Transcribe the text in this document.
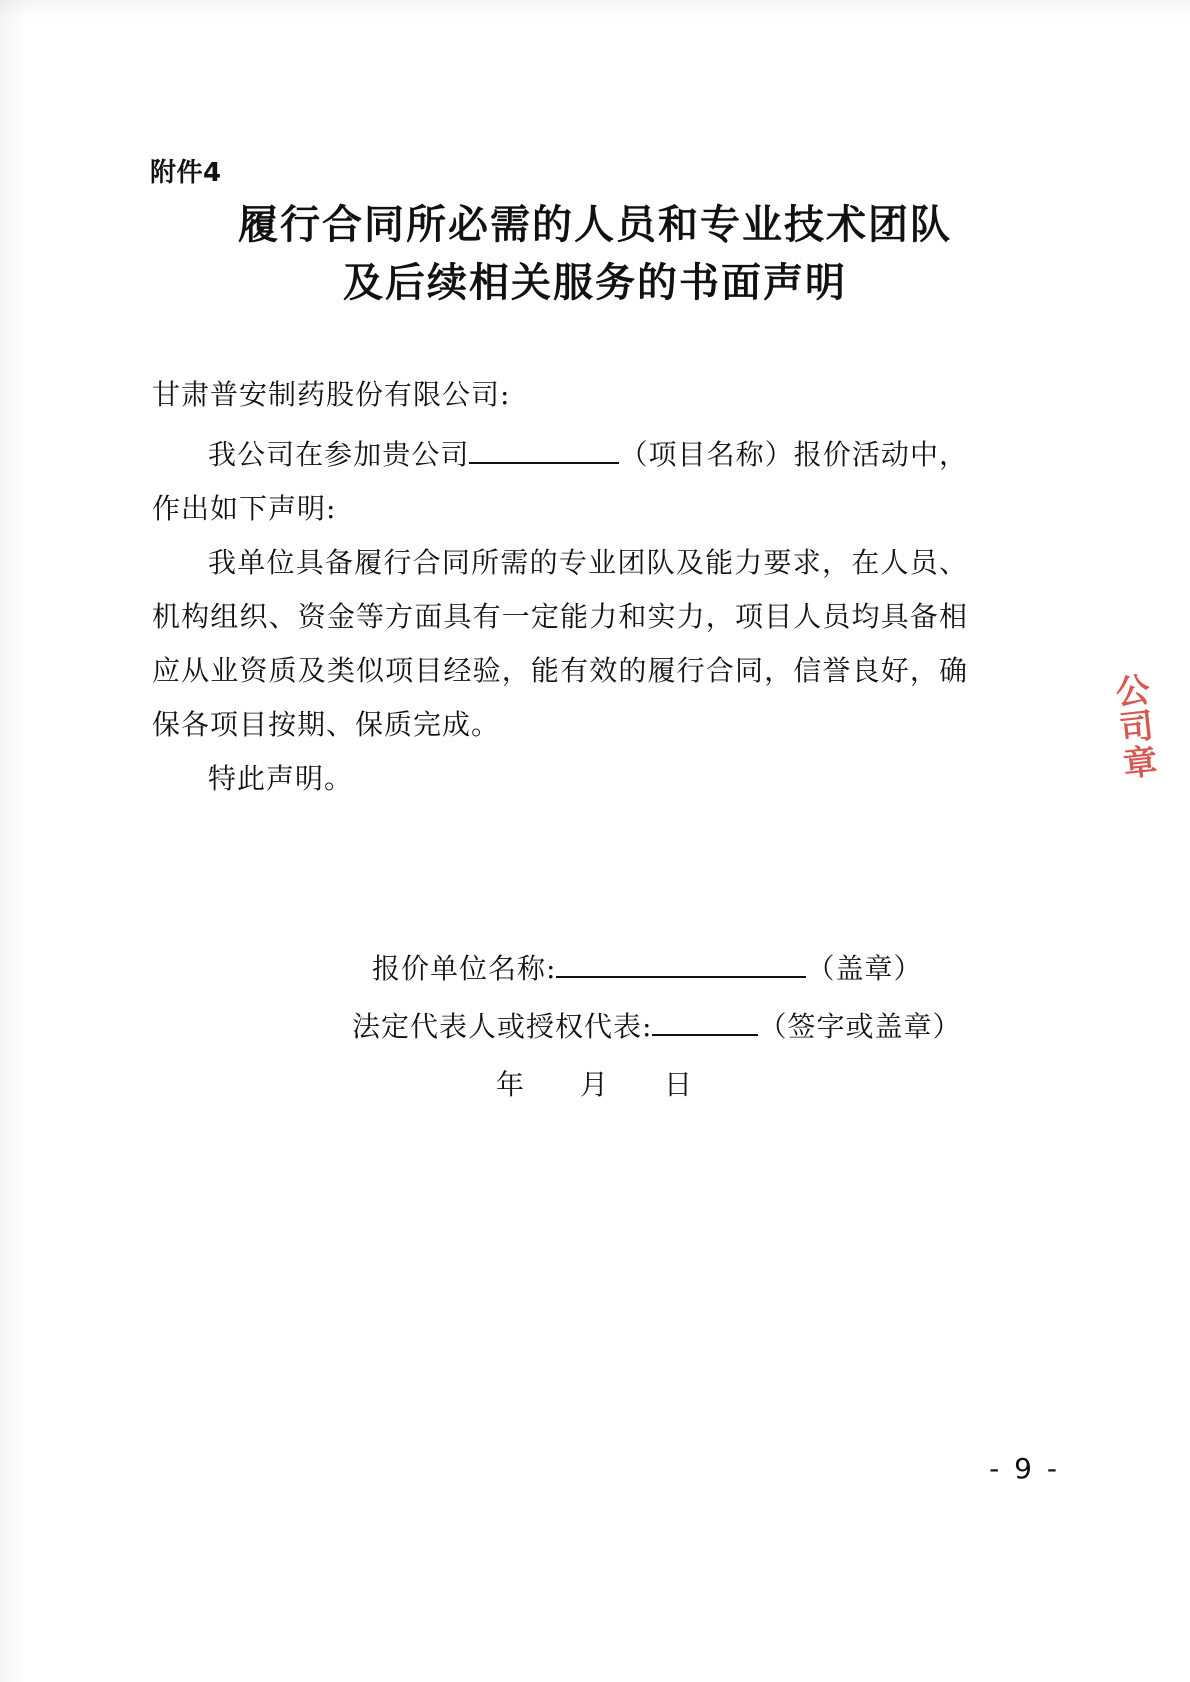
附件4
履行合同所必需的人员和专业技术团队
及后续相关服务的书面声明

甘肃普安制药股份有限公司:

我公司在参加贵公司	（项目名称）报价活动中，作出如下声明:

我单位具备履行合同所需的专业团队及能力要求，在人员、机构组织、资金等方面具有一定能力和实力，项目人员均具备相应从业资质及类似项目经验，能有效的履行合同，信誉良好，确保各项目按期、保质完成。

特此声明。

报价单位名称:	（盖章）
法定代表人或授权代表:	（签字或盖章）
年 月 日
公司章
- 9 -
